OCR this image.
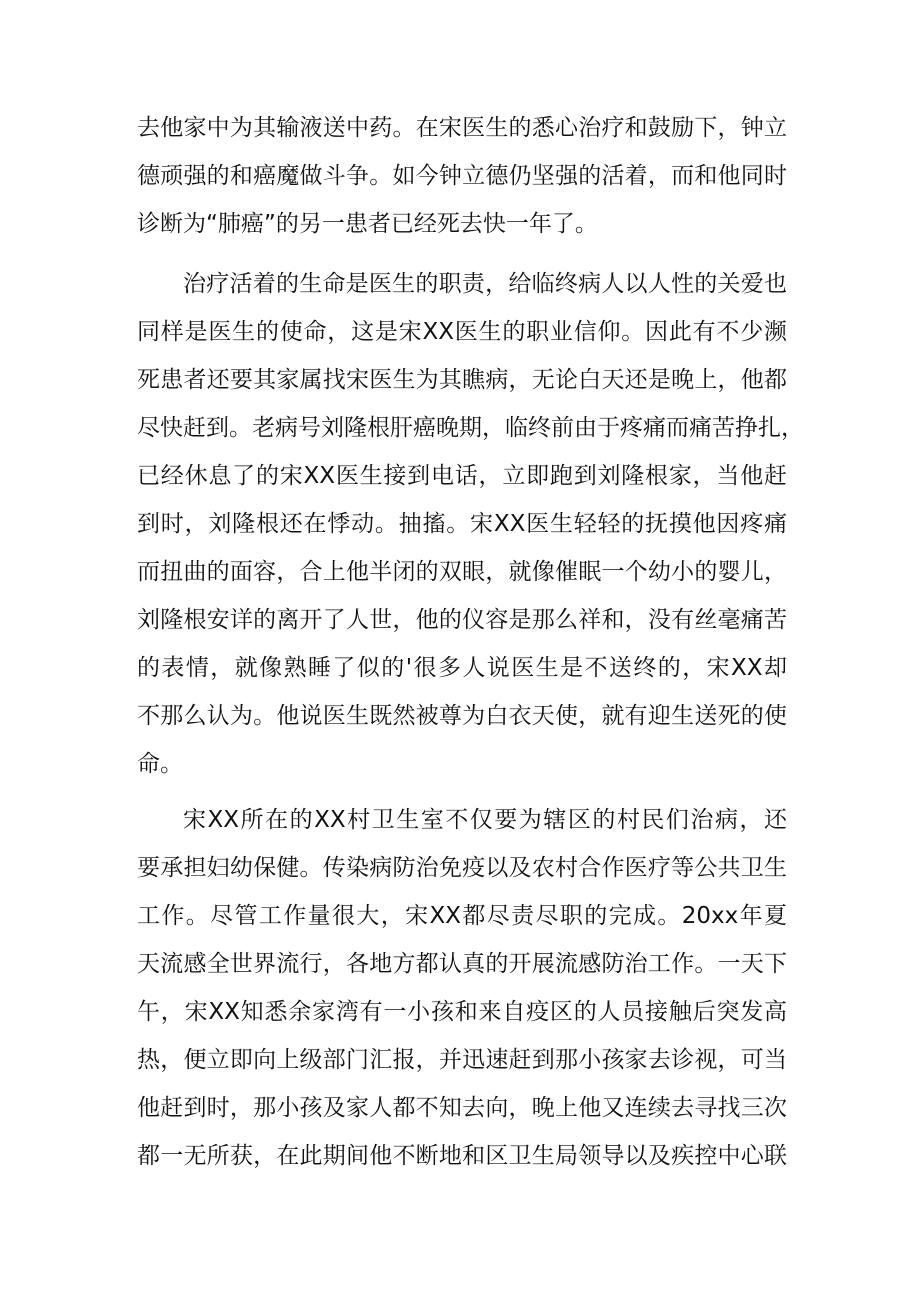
去他家中为其输液送中药。在宋医生的悉心治疗和鼓励下，钟立
德顽强的和癌魔做斗争。如今钟立德仍坚强的活着，而和他同时
诊断为“肺癌”的另一患者已经死去快一年了。
治疗活着的生命是医生的职责，给临终病人以人性的关爱也
同样是医生的使命，这是宋XX医生的职业信仰。因此有不少濒
死患者还要其家属找宋医生为其瞧病，无论白天还是晚上，他都
尽快赶到。老病号刘隆根肝癌晚期，临终前由于疼痛而痛苦挣扎，
已经休息了的宋XX医生接到电话，立即跑到刘隆根家，当他赶
到时，刘隆根还在悸动。抽搐。宋XX医生轻轻的抚摸他因疼痛
而扭曲的面容，合上他半闭的双眼，就像催眠一个幼小的婴儿，
刘隆根安详的离开了人世，他的仪容是那么祥和，没有丝毫痛苦
的表情，就像熟睡了似的'很多人说医生是不送终的，宋XX却
不那么认为。他说医生既然被尊为白衣天使，就有迎生送死的使
命。
宋XX所在的XX村卫生室不仅要为辖区的村民们治病，还
要承担妇幼保健。传染病防治免疫以及农村合作医疗等公共卫生
工作。尽管工作量很大，宋XX都尽责尽职的完成。20xx年夏
天流感全世界流行，各地方都认真的开展流感防治工作。一天下
午，宋XX知悉余家湾有一小孩和来自疫区的人员接触后突发高
热，便立即向上级部门汇报，并迅速赶到那小孩家去诊视，可当
他赶到时，那小孩及家人都不知去向，晚上他又连续去寻找三次
都一无所获，在此期间他不断地和区卫生局领导以及疾控中心联
